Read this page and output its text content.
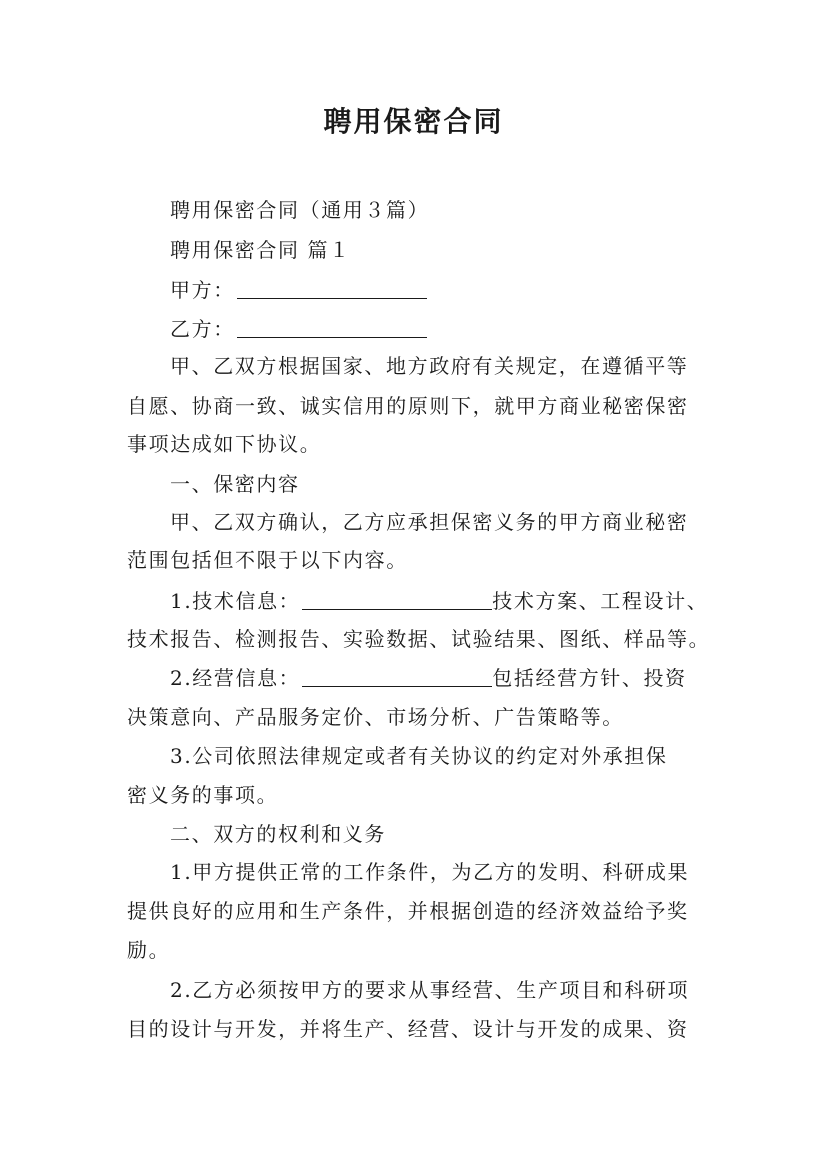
聘用保密合同
聘用保密合同（通用３篇）
聘用保密合同 篇１
甲方：
乙方：
甲、乙双方根据国家、地方政府有关规定，在遵循平等
自愿、协商一致、诚实信用的原则下，就甲方商业秘密保密
事项达成如下协议。
一、保密内容
甲、乙双方确认，乙方应承担保密义务的甲方商业秘密
范围包括但不限于以下内容。
1.技术信息：	技术方案、工程设计、
技术报告、检测报告、实验数据、试验结果、图纸、样品等。
2.经营信息：	包括经营方针、投资
决策意向、产品服务定价、市场分析、广告策略等。
3.公司依照法律规定或者有关协议的约定对外承担保
密义务的事项。
二、双方的权利和义务
1.甲方提供正常的工作条件，为乙方的发明、科研成果
提供良好的应用和生产条件，并根据创造的经济效益给予奖
励。
2.乙方必须按甲方的要求从事经营、生产项目和科研项
目的设计与开发，并将生产、经营、设计与开发的成果、资
